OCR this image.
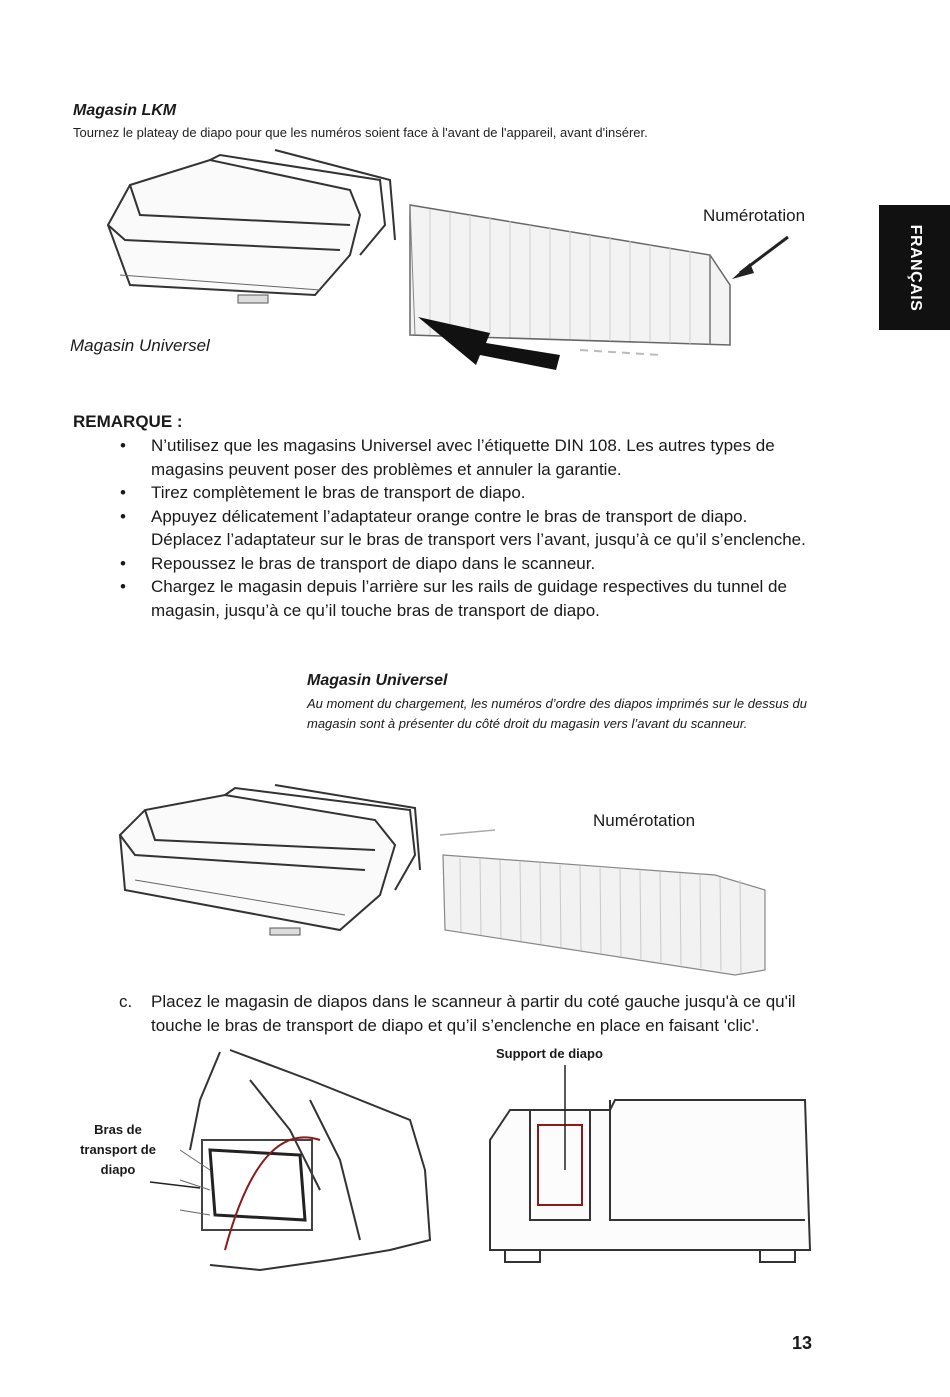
FRANÇAIS
Magasin LKM
Tournez le plateay de diapo pour que les numéros soient face à l'avant de l'appareil, avant d'insérer.
Numérotation
Magasin Universel
REMARQUE :
• N’utilisez que les magasins Universel avec l’étiquette DIN 108. Les autres types de magasins peuvent poser des problèmes et annuler la garantie.
• Tirez complètement le bras de transport de diapo.
• Appuyez délicatement l’adaptateur orange contre le bras de transport de diapo. Déplacez l’adaptateur sur le bras de transport vers l’avant, jusqu’à ce qu’il s’enclenche.
• Repoussez le bras de transport de diapo dans le scanneur.
• Chargez le magasin depuis l’arrière sur les rails de guidage respectives du tunnel de magasin, jusqu’à ce qu’il touche bras de transport de diapo.
Magasin Universel
Au moment du chargement, les numéros d’ordre des diapos imprimés sur le dessus du magasin sont à présenter du côté droit du magasin vers l’avant du scanneur.
Numérotation
c. Placez le magasin de diapos dans le scanneur à partir du coté gauche jusqu'à ce qu'il touche le bras de transport de diapo et qu’il s’enclenche en place en faisant 'clic'.
Bras de transport de diapo
Support de diapo
13
